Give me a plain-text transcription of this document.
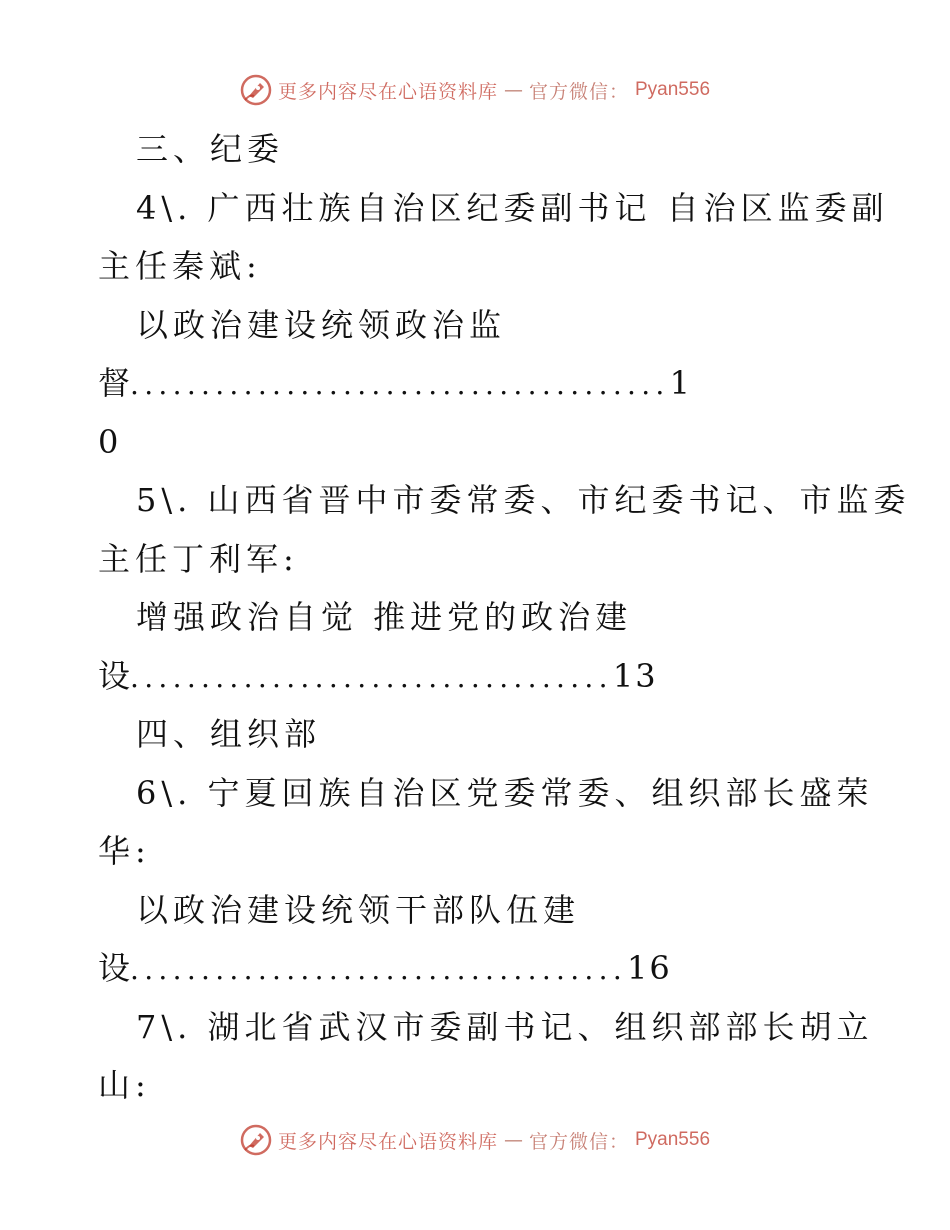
更多内容尽在心语资料库 — 官方微信： Pyan556
三、纪委
4\. 广西壮族自治区纪委副书记 自治区监委副
主任秦斌:
以政治建设统领政治监
督 ...................................... 1
0
5\. 山西省晋中市委常委、市纪委书记、市监委
主任丁利军:
增强政治自觉 推进党的政治建
设 .................................. 13
四、组织部
6\. 宁夏回族自治区党委常委、组织部长盛荣
华:
以政治建设统领干部队伍建
设 ................................... 16
7\. 湖北省武汉市委副书记、组织部部长胡立
山:
更多内容尽在心语资料库 — 官方微信： Pyan556
